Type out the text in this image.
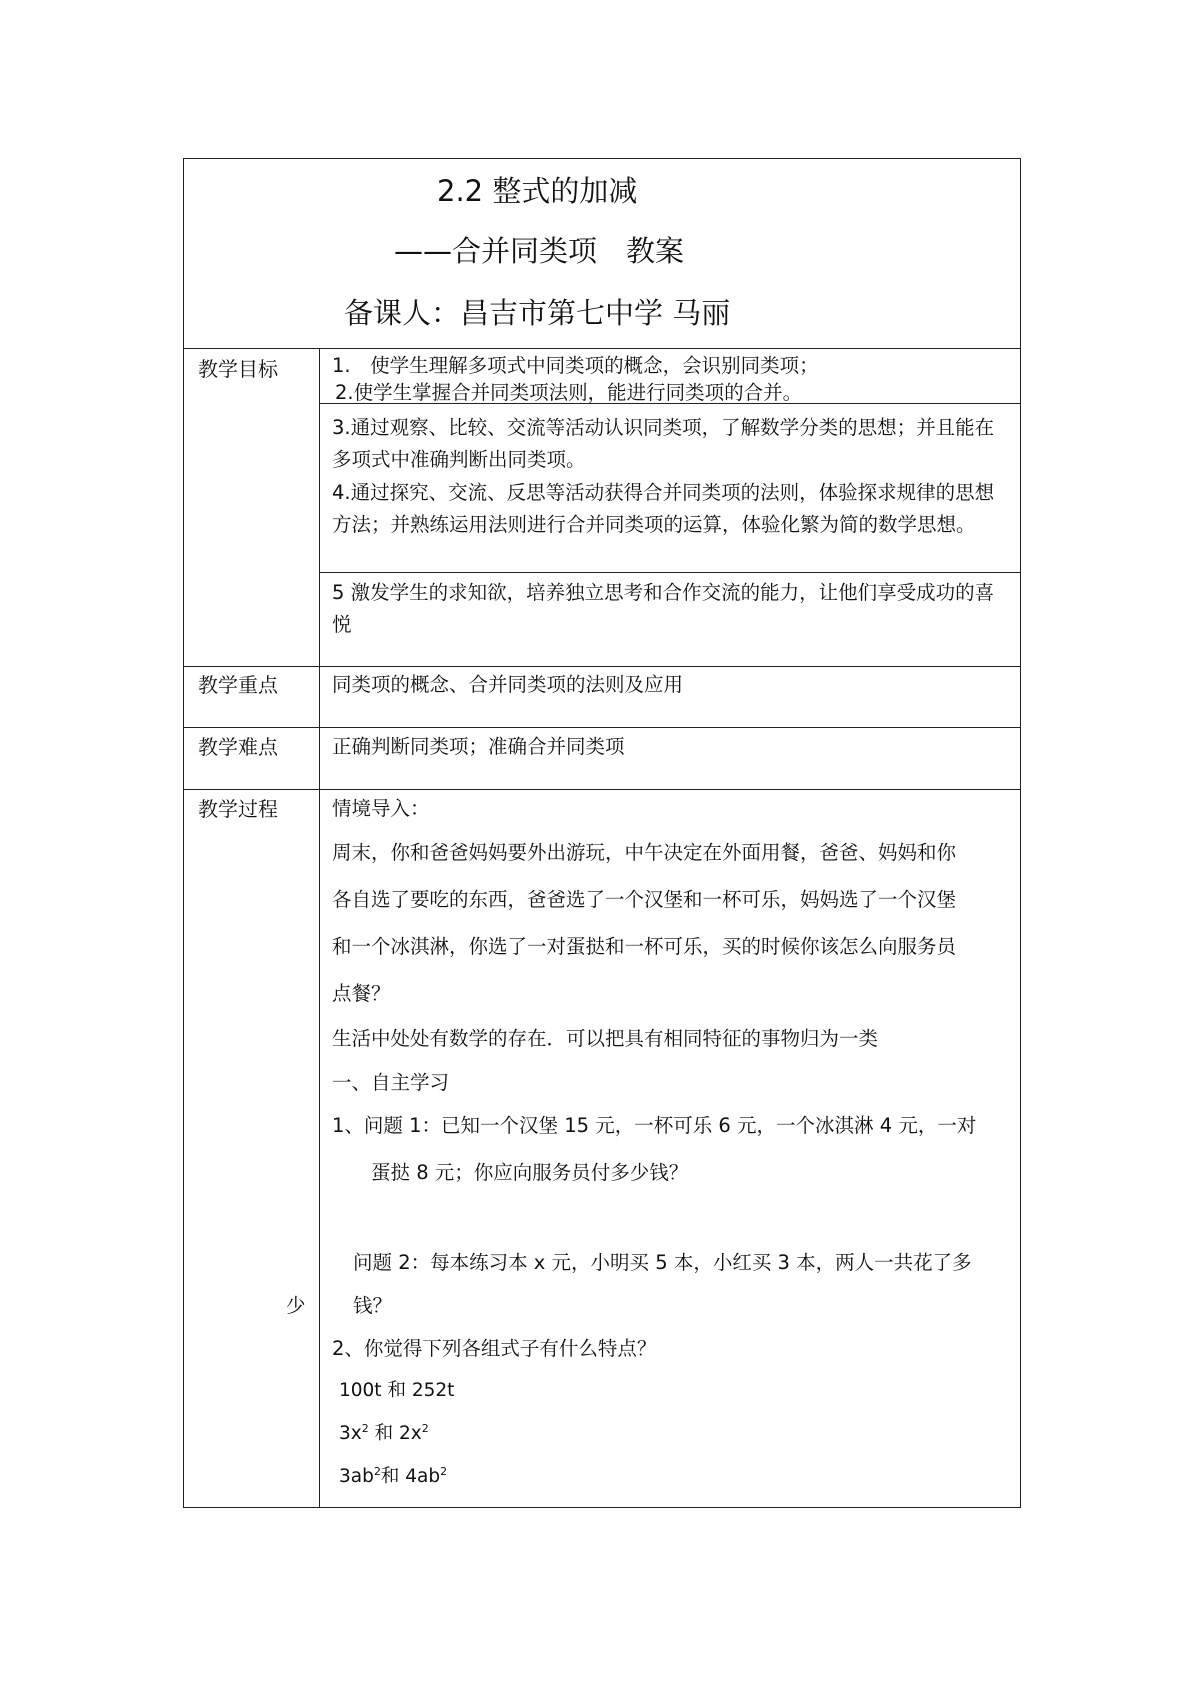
2.2 整式的加减
——合并同类项　教案
备课人：昌吉市第七中学 马丽
教学目标	1.　使学生理解多项式中同类项的概念，会识别同类项；
2.使学生掌握合并同类项法则，能进行同类项的合并。
3.通过观察、比较、交流等活动认识同类项，了解数学分类的思想；并且能在多项式中准确判断出同类项。
4.通过探究、交流、反思等活动获得合并同类项的法则，体验探求规律的思想方法；并熟练运用法则进行合并同类项的运算，体验化繁为简的数学思想。
5 激发学生的求知欲，培养独立思考和合作交流的能力，让他们享受成功的喜悦
教学重点	同类项的概念、合并同类项的法则及应用
教学难点	正确判断同类项；准确合并同类项
教学过程	情境导入：
周末，你和爸爸妈妈要外出游玩，中午决定在外面用餐，爸爸、妈妈和你
各自选了要吃的东西，爸爸选了一个汉堡和一杯可乐，妈妈选了一个汉堡
和一个冰淇淋，你选了一对蛋挞和一杯可乐，买的时候你该怎么向服务员
点餐？
生活中处处有数学的存在．可以把具有相同特征的事物归为一类
一、自主学习
1、问题 1：已知一个汉堡 15 元，一杯可乐 6 元，一个冰淇淋 4 元，一对
蛋挞 8 元；你应向服务员付多少钱？
问题 2：每本练习本 x 元，小明买 5 本，小红买 3 本，两人一共花了多
少 钱？
2、你觉得下列各组式子有什么特点？
100t 和 252t
$3x^2$ 和 $2x^2$
$3ab^2$和 $4ab^2$
